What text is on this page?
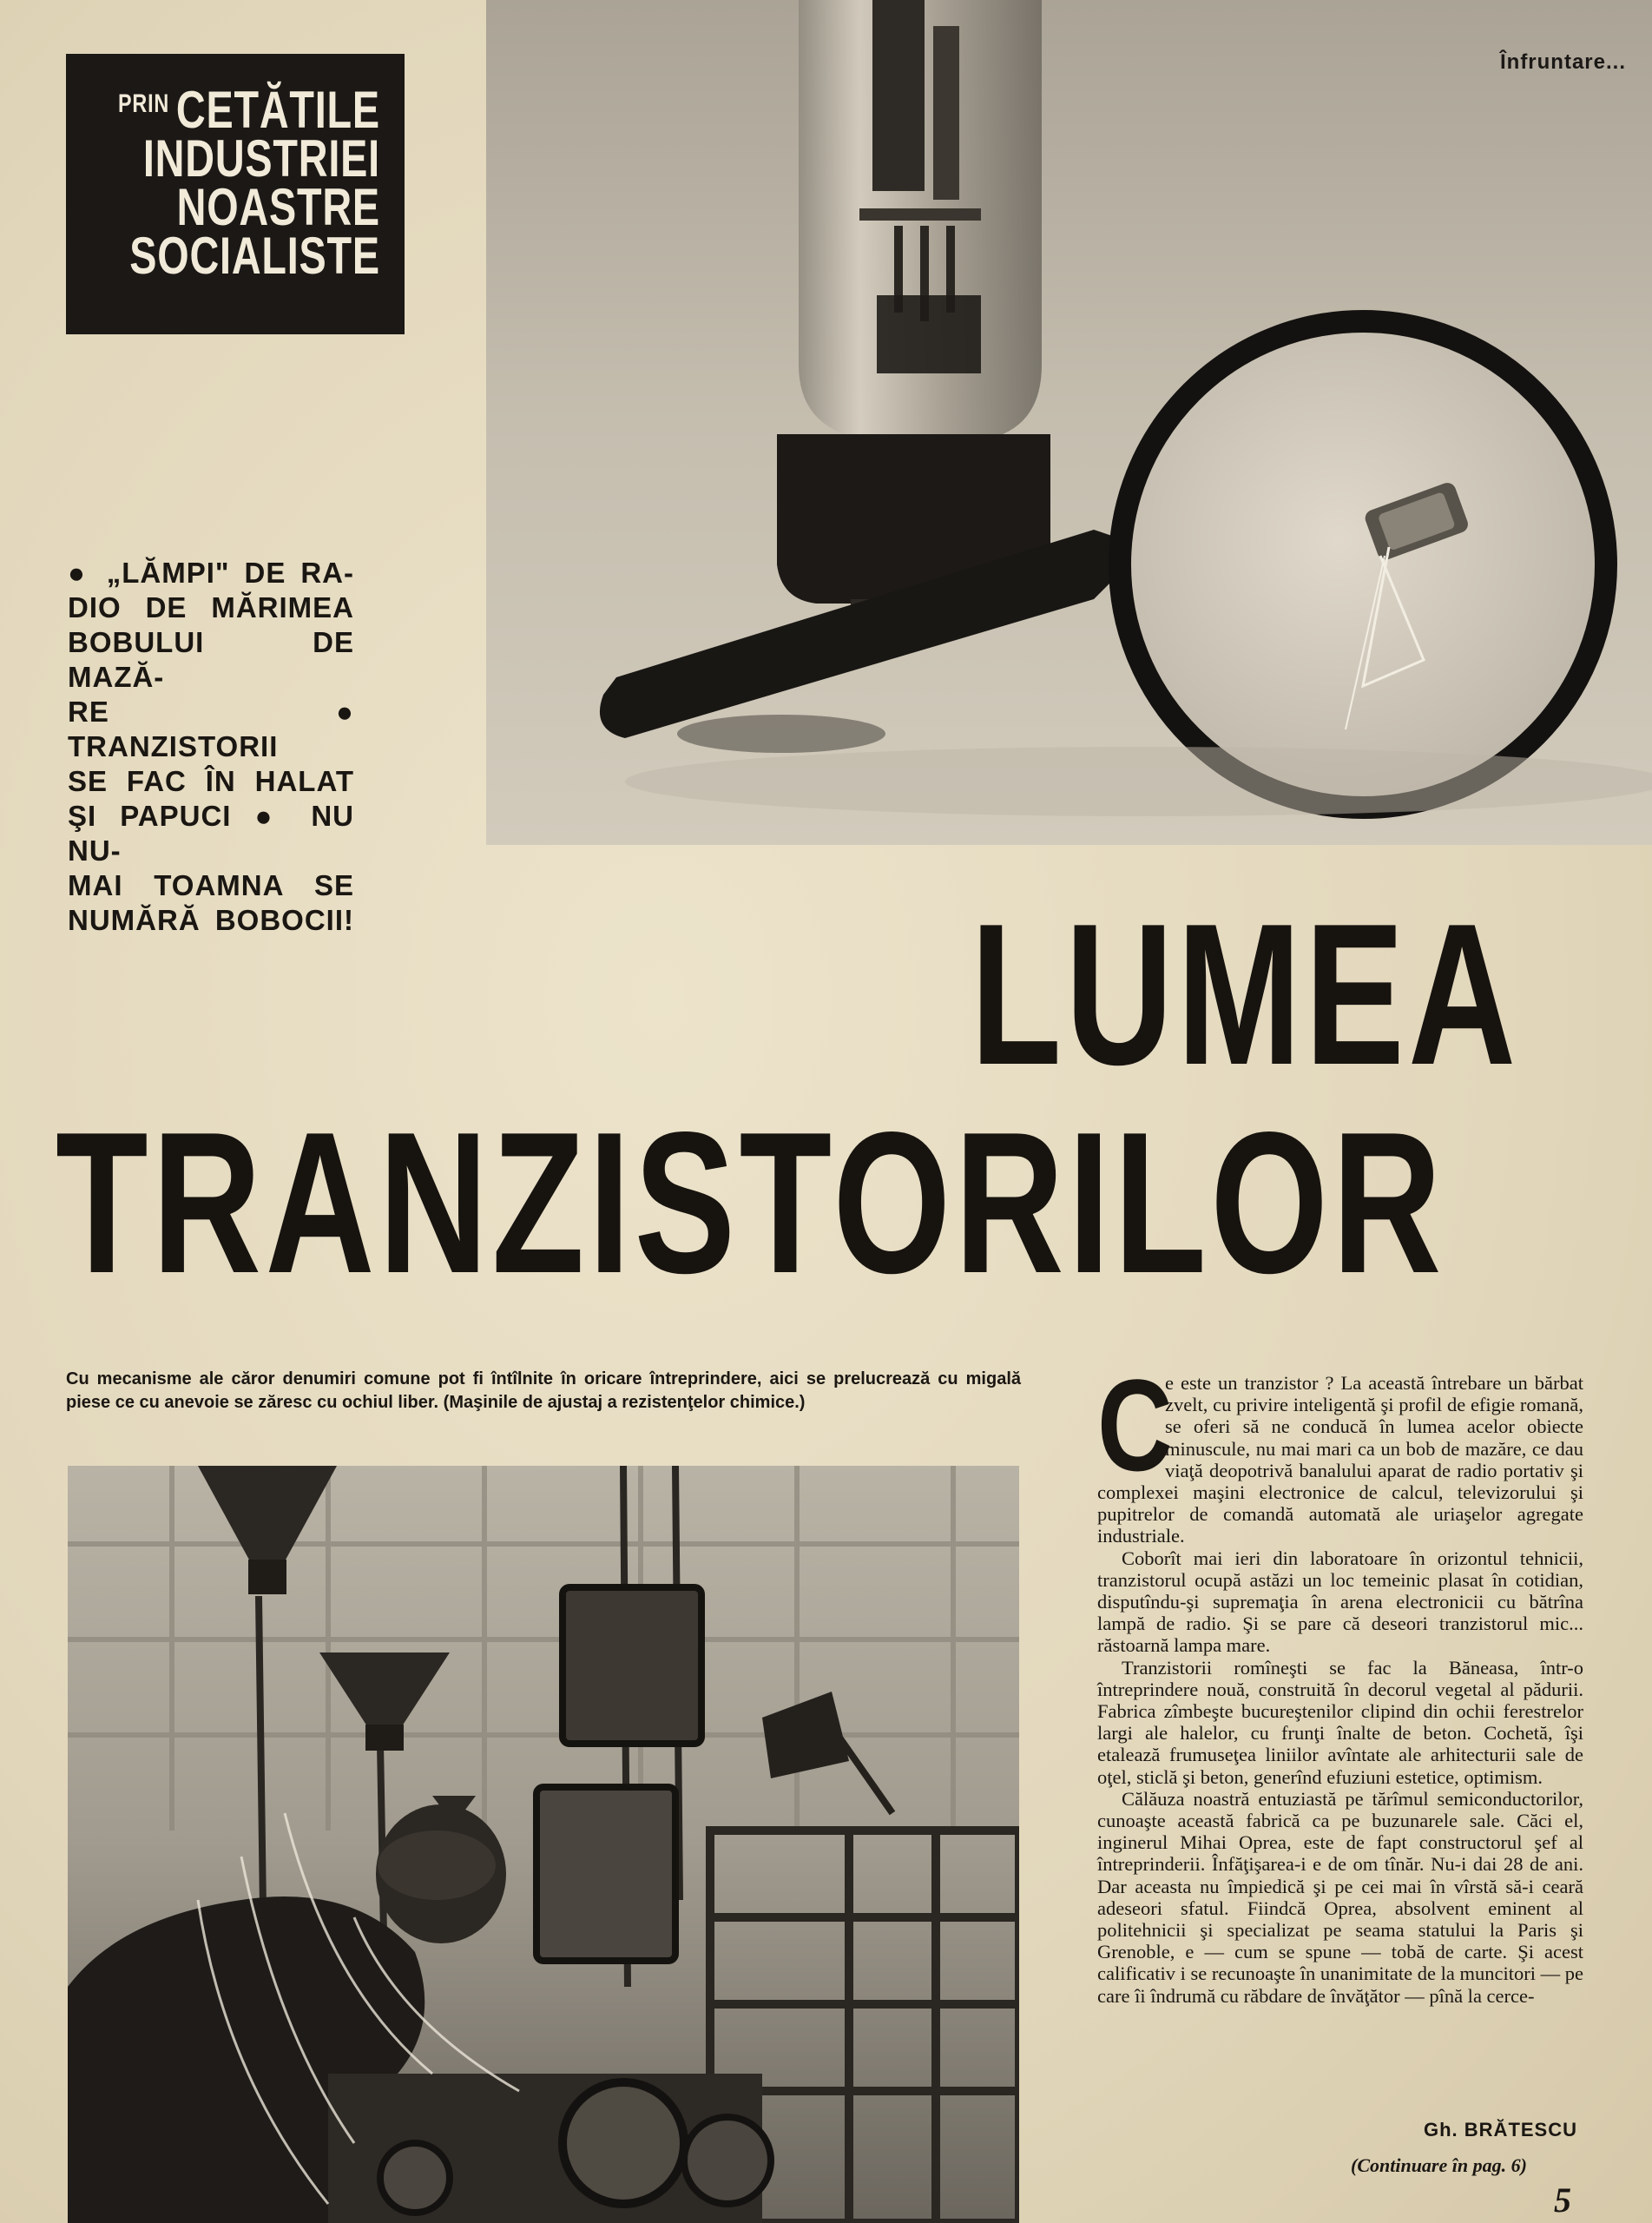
$^{PRIN}$ CETĂTILE
INDUSTRIEI
NOASTRE
SOCIALISTE
Înfruntare...

● „LĂMPI" DE RA-

DIO DE MĂRIMEA

BOBULUI DE MAZĂ-

RE ● TRANZISTORII

SE FAC ÎN HALAT

ŞI PAPUCI ● NU NU-

MAI TOAMNA SE

NUMĂRĂ BOBOCII!	LUMEA
TRANZISTORILOR
Cu mecanisme ale căror denumiri comune pot fi întîlnite în oricare întreprindere, aici se prelucrează cu migală piese ce cu anevoie se zăresc cu ochiul liber. (Maşinile de ajustaj a rezistenţelor chimice.)	C
e este un tranzistor ? La această întrebare un bărbat zvelt, cu privire inteligentă şi profil de efigie romană, se oferi să ne conducă în lumea acelor obiecte minuscule, nu mai mari ca un bob de mazăre, ce dau viaţă deopotrivă banalului aparat de radio portativ şi complexei maşini electronice de calcul, televizorului şi pupitrelor de comandă automată ale uriaşelor agregate industriale.

Coborît mai ieri din laboratoare în orizontul tehnicii, tranzistorul ocupă astăzi un loc temeinic plasat în cotidian, disputîndu-şi supremaţia în arena electronicii cu bătrîna lampă de radio. Şi se pare că deseori tranzistorul mic... răstoarnă lampa mare.

Tranzistorii romîneşti se fac la Băneasa, într-o întreprindere nouă, construită în decorul vegetal al pădurii. Fabrica zîmbeşte bucureştenilor clipind din ochii ferestrelor largi ale halelor, cu frunţi înalte de beton. Cochetă, îşi etalează frumuseţea liniilor avîntate ale arhitecturii sale de oţel, sticlă şi beton, generînd efuziuni estetice, optimism.

Călăuza noastră entuziastă pe tărîmul semiconductorilor, cunoaşte această fabrică ca pe buzunarele sale. Căci el, inginerul Mihai Oprea, este de fapt constructorul şef al întreprinderii. Înfăţişarea-i e de om tînăr. Nu-i dai 28 de ani. Dar aceasta nu împiedică şi pe cei mai în vîrstă să-i ceară adeseori sfatul. Fiindcă Oprea, absolvent eminent al politehnicii şi specializat pe seama statului la Paris şi Grenoble, e — cum se spune — tobă de carte. Şi acest calificativ i se recunoaşte în unanimitate de la muncitori — pe care îi îndrumă cu răbdare de învăţător — pînă la cerce-

Gh. BRĂTESCU
(Continuare în pag. 6)
5
